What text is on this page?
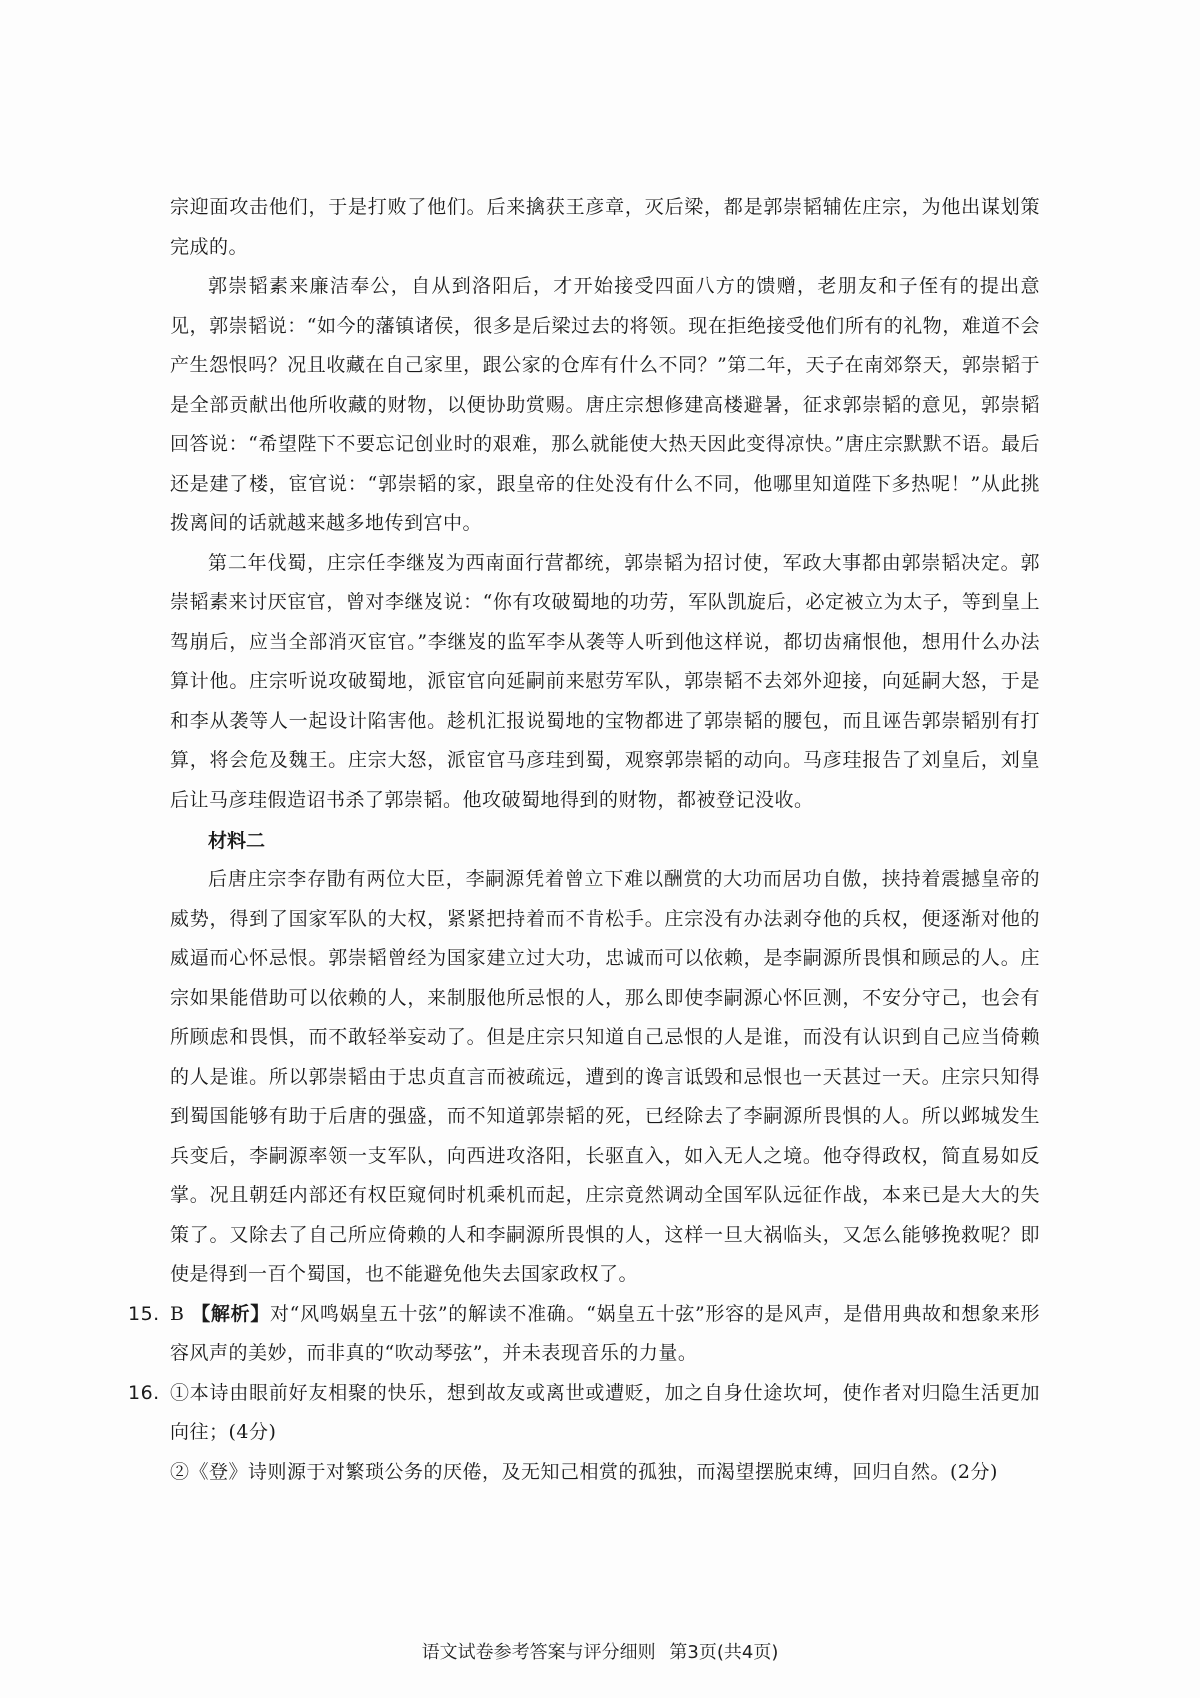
宗迎面攻击他们，于是打败了他们。后来擒获王彦章，灭后梁，都是郭崇韬辅佐庄宗，为他出谋划策完成的。

郭崇韬素来廉洁奉公，自从到洛阳后，才开始接受四面八方的馈赠，老朋友和子侄有的提出意见，郭崇韬说：“如今的藩镇诸侯，很多是后梁过去的将领。现在拒绝接受他们所有的礼物，难道不会产生怨恨吗？况且收藏在自己家里，跟公家的仓库有什么不同？”第二年，天子在南郊祭天，郭崇韬于是全部贡献出他所收藏的财物，以便协助赏赐。唐庄宗想修建高楼避暑，征求郭崇韬的意见，郭崇韬回答说：“希望陛下不要忘记创业时的艰难，那么就能使大热天因此变得凉快。”唐庄宗默默不语。最后还是建了楼，宦官说：“郭崇韬的家，跟皇帝的住处没有什么不同，他哪里知道陛下多热呢！”从此挑拨离间的话就越来越多地传到宫中。

第二年伐蜀，庄宗任李继岌为西南面行营都统，郭崇韬为招讨使，军政大事都由郭崇韬决定。郭崇韬素来讨厌宦官，曾对李继岌说：“你有攻破蜀地的功劳，军队凯旋后，必定被立为太子，等到皇上驾崩后，应当全部消灭宦官。”李继岌的监军李从袭等人听到他这样说，都切齿痛恨他，想用什么办法算计他。庄宗听说攻破蜀地，派宦官向延嗣前来慰劳军队，郭崇韬不去郊外迎接，向延嗣大怒，于是和李从袭等人一起设计陷害他。趁机汇报说蜀地的宝物都进了郭崇韬的腰包，而且诬告郭崇韬别有打算，将会危及魏王。庄宗大怒，派宦官马彦珪到蜀，观察郭崇韬的动向。马彦珪报告了刘皇后，刘皇后让马彦珪假造诏书杀了郭崇韬。他攻破蜀地得到的财物，都被登记没收。

材料二

后唐庄宗李存勖有两位大臣，李嗣源凭着曾立下难以酬赏的大功而居功自傲，挟持着震撼皇帝的威势，得到了国家军队的大权，紧紧把持着而不肯松手。庄宗没有办法剥夺他的兵权，便逐渐对他的威逼而心怀忌恨。郭崇韬曾经为国家建立过大功，忠诚而可以依赖，是李嗣源所畏惧和顾忌的人。庄宗如果能借助可以依赖的人，来制服他所忌恨的人，那么即使李嗣源心怀叵测，不安分守己，也会有所顾虑和畏惧，而不敢轻举妄动了。但是庄宗只知道自己忌恨的人是谁，而没有认识到自己应当倚赖的人是谁。所以郭崇韬由于忠贞直言而被疏远，遭到的谗言诋毁和忌恨也一天甚过一天。庄宗只知得到蜀国能够有助于后唐的强盛，而不知道郭崇韬的死，已经除去了李嗣源所畏惧的人。所以邺城发生兵变后，李嗣源率领一支军队，向西进攻洛阳，长驱直入，如入无人之境。他夺得政权，简直易如反掌。况且朝廷内部还有权臣窥伺时机乘机而起，庄宗竟然调动全国军队远征作战，本来已是大大的失策了。又除去了自己所应倚赖的人和李嗣源所畏惧的人，这样一旦大祸临头，又怎么能够挽救呢？即使是得到一百个蜀国，也不能避免他失去国家政权了。

15. B 【解析】对“风鸣娲皇五十弦”的解读不准确。“娲皇五十弦”形容的是风声，是借用典故和想象来形容风声的美妙，而非真的“吹动琴弦”，并未表现音乐的力量。

16. ①本诗由眼前好友相聚的快乐，想到故友或离世或遭贬，加之自身仕途坎坷，使作者对归隐生活更加向往；(4分)

②《登》诗则源于对繁琐公务的厌倦，及无知己相赏的孤独，而渴望摆脱束缚，回归自然。(2分)

语文试卷参考答案与评分细则 第3页(共4页)
